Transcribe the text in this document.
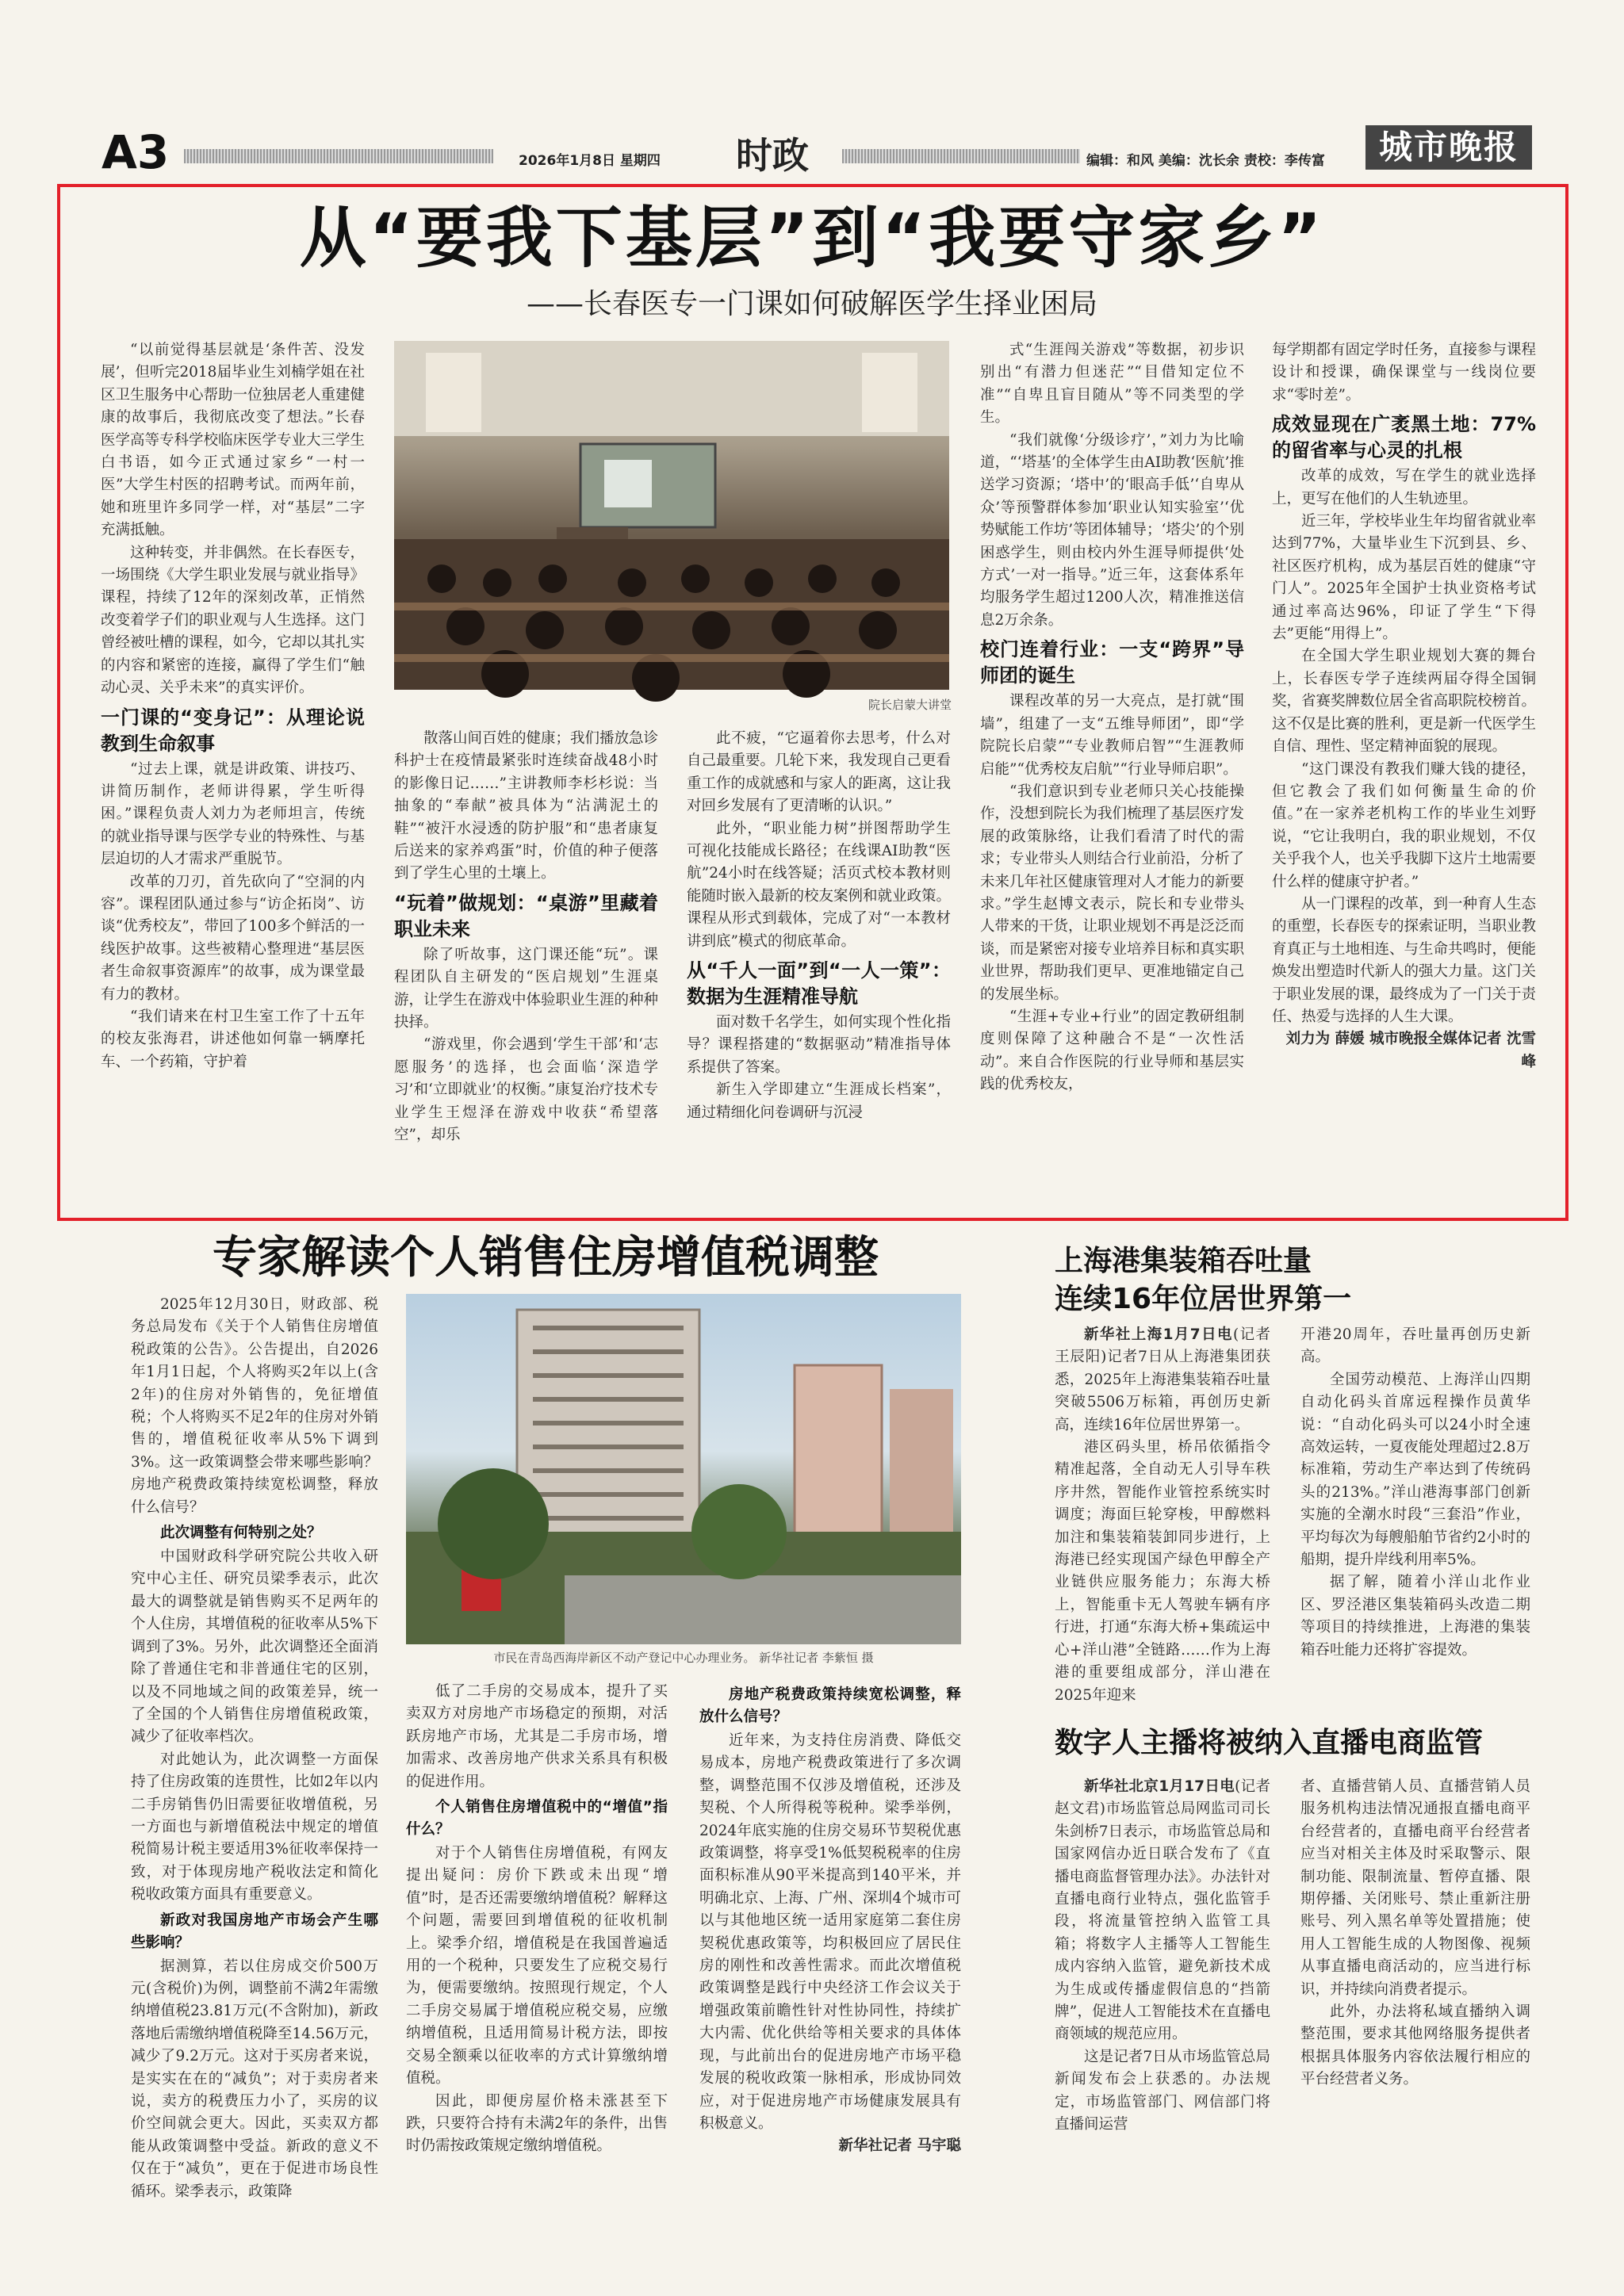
A3	2026年1月8日 星期四 时政	编辑：和风 美编：沈长余 责校：李传富	城市晚报
从“要我下基层”到“我要守家乡”
——长春医专一门课如何破解医学生择业困局
院长启蒙大讲堂

“以前觉得基层就是‘条件苦、没发展’，但听完2018届毕业生刘楠学姐在社区卫生服务中心帮助一位独居老人重建健康的故事后，我彻底改变了想法。”长春医学高等专科学校临床医学专业大三学生白书语，如今正式通过家乡“一村一医”大学生村医的招聘考试。而两年前，她和班里许多同学一样，对“基层”二字充满抵触。

这种转变，并非偶然。在长春医专，一场围绕《大学生职业发展与就业指导》课程，持续了12年的深刻改革，正悄然改变着学子们的职业观与人生选择。这门曾经被吐槽的课程，如今，它却以其扎实的内容和紧密的连接，赢得了学生们“触动心灵、关乎未来”的真实评价。

一门课的“变身记”：从理论说教到生命叙事

“过去上课，就是讲政策、讲技巧、讲简历制作，老师讲得累，学生听得困。”课程负责人刘力为老师坦言，传统的就业指导课与医学专业的特殊性、与基层迫切的人才需求严重脱节。

改革的刀刃，首先砍向了“空洞的内容”。课程团队通过参与“访企拓岗”、访谈“优秀校友”，带回了100多个鲜活的一线医护故事。这些被精心整理进“基层医者生命叙事资源库”的故事，成为课堂最有力的教材。

“我们请来在村卫生室工作了十五年的校友张海君，讲述他如何靠一辆摩托车、一个药箱，守护着

散落山间百姓的健康；我们播放急诊科护士在疫情最紧张时连续奋战48小时的影像日记……”主讲教师李杉杉说：当抽象的“奉献”被具体为“沾满泥土的鞋”“被汗水浸透的防护服”和“患者康复后送来的家养鸡蛋”时，价值的种子便落到了学生心里的土壤上。

“玩着”做规划：“桌游”里藏着职业未来

除了听故事，这门课还能“玩”。课程团队自主研发的“医启规划”生涯桌游，让学生在游戏中体验职业生涯的种种抉择。

“游戏里，你会遇到‘学生干部’和‘志愿服务’的选择，也会面临‘深造学习’和‘立即就业’的权衡。”康复治疗技术专业学生王煜泽在游戏中收获“希望落空”，却乐

此不疲，“它逼着你去思考，什么对自己最重要。几轮下来，我发现自己更看重工作的成就感和与家人的距离，这让我对回乡发展有了更清晰的认识。”

此外，“职业能力树”拼图帮助学生可视化技能成长路径；在线课AI助教“医航”24小时在线答疑；活页式校本教材则能随时嵌入最新的校友案例和就业政策。课程从形式到载体，完成了对“一本教材讲到底”模式的彻底革命。

从“千人一面”到“一人一策”：数据为生涯精准导航

面对数千名学生，如何实现个性化指导？课程搭建的“数据驱动”精准指导体系提供了答案。

新生入学即建立“生涯成长档案”，通过精细化问卷调研与沉浸

式“生涯闯关游戏”等数据，初步识别出“有潜力但迷茫”“目借知定位不准”“自卑且盲目随从”等不同类型的学生。

“我们就像‘分级诊疗’，”刘力为比喻道，“‘塔基’的全体学生由AI助教‘医航’推送学习资源；‘塔中’的‘眼高手低’‘自卑从众’等预警群体参加‘职业认知实验室’‘优势赋能工作坊’等团体辅导；‘塔尖’的个别困惑学生，则由校内外生涯导师提供‘处方式’一对一指导。”近三年，这套体系年均服务学生超过1200人次，精准推送信息2万余条。

校门连着行业：一支“跨界”导师团的诞生

课程改革的另一大亮点，是打就“围墙”，组建了一支“五维导师团”，即“学院院长启蒙”“专业教师启智”“生涯教师启能”“优秀校友启航”“行业导师启职”。

“我们意识到专业老师只关心技能操作，没想到院长为我们梳理了基层医疗发展的政策脉络，让我们看清了时代的需求；专业带头人则结合行业前沿，分析了未来几年社区健康管理对人才能力的新要求。”学生赵博文表示，院长和专业带头人带来的干货，让职业规划不再是泛泛而谈，而是紧密对接专业培养目标和真实职业世界，帮助我们更早、更准地锚定自己的发展坐标。

“生涯+专业+行业”的固定教研组制度则保障了这种融合不是“一次性活动”。来自合作医院的行业导师和基层实践的优秀校友，

每学期都有固定学时任务，直接参与课程设计和授课，确保课堂与一线岗位要求“零时差”。

成效显现在广袤黑土地：77%的留省率与心灵的扎根

改革的成效，写在学生的就业选择上，更写在他们的人生轨迹里。

近三年，学校毕业生年均留省就业率达到77%，大量毕业生下沉到县、乡、社区医疗机构，成为基层百姓的健康“守门人”。2025年全国护士执业资格考试通过率高达96%，印证了学生“下得去”更能“用得上”。

在全国大学生职业规划大赛的舞台上，长春医专学子连续两届夺得全国铜奖，省赛奖牌数位居全省高职院校榜首。这不仅是比赛的胜利，更是新一代医学生自信、理性、坚定精神面貌的展现。

“这门课没有教我们赚大钱的捷径，但它教会了我们如何衡量生命的价值。”在一家养老机构工作的毕业生刘野说，“它让我明白，我的职业规划，不仅关乎我个人，也关乎我脚下这片土地需要什么样的健康守护者。”

从一门课程的改革，到一种育人生态的重塑，长春医专的探索证明，当职业教育真正与土地相连、与生命共鸣时，便能焕发出塑造时代新人的强大力量。这门关于职业发展的课，最终成为了一门关于责任、热爱与选择的人生大课。

刘力为 薛媛 城市晚报全媒体记者 沈雪峰

专家解读个人销售住房增值税调整
市民在青岛西海岸新区不动产登记中心办理业务。 新华社记者 李紫恒 摄

2025年12月30日，财政部、税务总局发布《关于个人销售住房增值税政策的公告》。公告提出，自2026年1月1日起，个人将购买2年以上(含2年)的住房对外销售的，免征增值税；个人将购买不足2年的住房对外销售的，增值税征收率从5%下调到3%。这一政策调整会带来哪些影响？房地产税费政策持续宽松调整，释放什么信号？

此次调整有何特别之处？

中国财政科学研究院公共收入研究中心主任、研究员梁季表示，此次最大的调整就是销售购买不足两年的个人住房，其增值税的征收率从5%下调到了3%。另外，此次调整还全面消除了普通住宅和非普通住宅的区别，以及不同地域之间的政策差异，统一了全国的个人销售住房增值税政策，减少了征收率档次。

对此她认为，此次调整一方面保持了住房政策的连贯性，比如2年以内二手房销售仍旧需要征收增值税，另一方面也与新增值税法中规定的增值税简易计税主要适用3%征收率保持一致，对于体现房地产税收法定和简化税收政策方面具有重要意义。

新政对我国房地产市场会产生哪些影响？

据测算，若以住房成交价500万元(含税价)为例，调整前不满2年需缴纳增值税23.81万元(不含附加)，新政落地后需缴纳增值税降至14.56万元，减少了9.2万元。这对于买房者来说，是实实在在的“减负”；对于卖房者来说，卖方的税费压力小了，买房的议价空间就会更大。因此，买卖双方都能从政策调整中受益。新政的意义不仅在于“减负”，更在于促进市场良性循环。梁季表示，政策降

低了二手房的交易成本，提升了买卖双方对房地产市场稳定的预期，对活跃房地产市场，尤其是二手房市场，增加需求、改善房地产供求关系具有积极的促进作用。

个人销售住房增值税中的“增值”指什么？

对于个人销售住房增值税，有网友提出疑问：房价下跌或未出现“增值”时，是否还需要缴纳增值税？解释这个问题，需要回到增值税的征收机制上。梁季介绍，增值税是在我国普遍适用的一个税种，只要发生了应税交易行为，便需要缴纳。按照现行规定，个人二手房交易属于增值税应税交易，应缴纳增值税，且适用简易计税方法，即按交易全额乘以征收率的方式计算缴纳增值税。

因此，即便房屋价格未涨甚至下跌，只要符合持有未满2年的条件，出售时仍需按政策规定缴纳增值税。

房地产税费政策持续宽松调整，释放什么信号？

近年来，为支持住房消费、降低交易成本，房地产税费政策进行了多次调整，调整范围不仅涉及增值税，还涉及契税、个人所得税等税种。梁季举例，2024年底实施的住房交易环节契税优惠政策调整，将享受1%低契税税率的住房面积标准从90平米提高到140平米，并明确北京、上海、广州、深圳4个城市可以与其他地区统一适用家庭第二套住房契税优惠政策等，均积极回应了居民住房的刚性和改善性需求。而此次增值税政策调整是践行中央经济工作会议关于增强政策前瞻性针对性协同性，持续扩大内需、优化供给等相关要求的具体体现，与此前出台的促进房地产市场平稳发展的税收政策一脉相承，形成协同效应，对于促进房地产市场健康发展具有积极意义。

新华社记者 马宇聪

上海港集装箱吞吐量
连续16年位居世界第一

新华社上海1月7日电(记者王辰阳)记者7日从上海港集团获悉，2025年上海港集装箱吞吐量突破5506万标箱，再创历史新高，连续16年位居世界第一。

港区码头里，桥吊依循指令精准起落，全自动无人引导车秩序井然，智能作业管控系统实时调度；海面巨轮穿梭，甲醇燃料加注和集装箱装卸同步进行，上海港已经实现国产绿色甲醇全产业链供应服务能力；东海大桥上，智能重卡无人驾驶车辆有序行进，打通“东海大桥+集疏运中心+洋山港”全链路……作为上海港的重要组成部分，洋山港在2025年迎来

开港20周年，吞吐量再创历史新高。

全国劳动模范、上海洋山四期自动化码头首席远程操作员黄华说：“自动化码头可以24小时全速高效运转，一夏夜能处理超过2.8万标准箱，劳动生产率达到了传统码头的213%。”洋山港海事部门创新实施的全潮水时段“三套沿”作业，平均每次为每艘船舶节省约2小时的船期，提升岸线利用率5%。

据了解，随着小洋山北作业区、罗泾港区集装箱码头改造二期等项目的持续推进，上海港的集装箱吞吐能力还将扩容提效。

数字人主播将被纳入直播电商监管

新华社北京1月17日电(记者赵文君)市场监管总局网监司司长朱剑桥7日表示，市场监管总局和国家网信办近日联合发布了《直播电商监督管理办法》。办法针对直播电商行业特点，强化监管手段，将流量管控纳入监管工具箱；将数字人主播等人工智能生成内容纳入监管，避免新技术成为生成或传播虚假信息的“挡箭牌”，促进人工智能技术在直播电商领域的规范应用。

这是记者7日从市场监管总局新闻发布会上获悉的。办法规定，市场监管部门、网信部门将直播间运营

者、直播营销人员、直播营销人员服务机构违法情况通报直播电商平台经营者的，直播电商平台经营者应当对相关主体及时采取警示、限制功能、限制流量、暂停直播、限期停播、关闭账号、禁止重新注册账号、列入黑名单等处置措施；使用人工智能生成的人物图像、视频从事直播电商活动的，应当进行标识，并持续向消费者提示。

此外，办法将私域直播纳入调整范围，要求其他网络服务提供者根据具体服务内容依法履行相应的平台经营者义务。
